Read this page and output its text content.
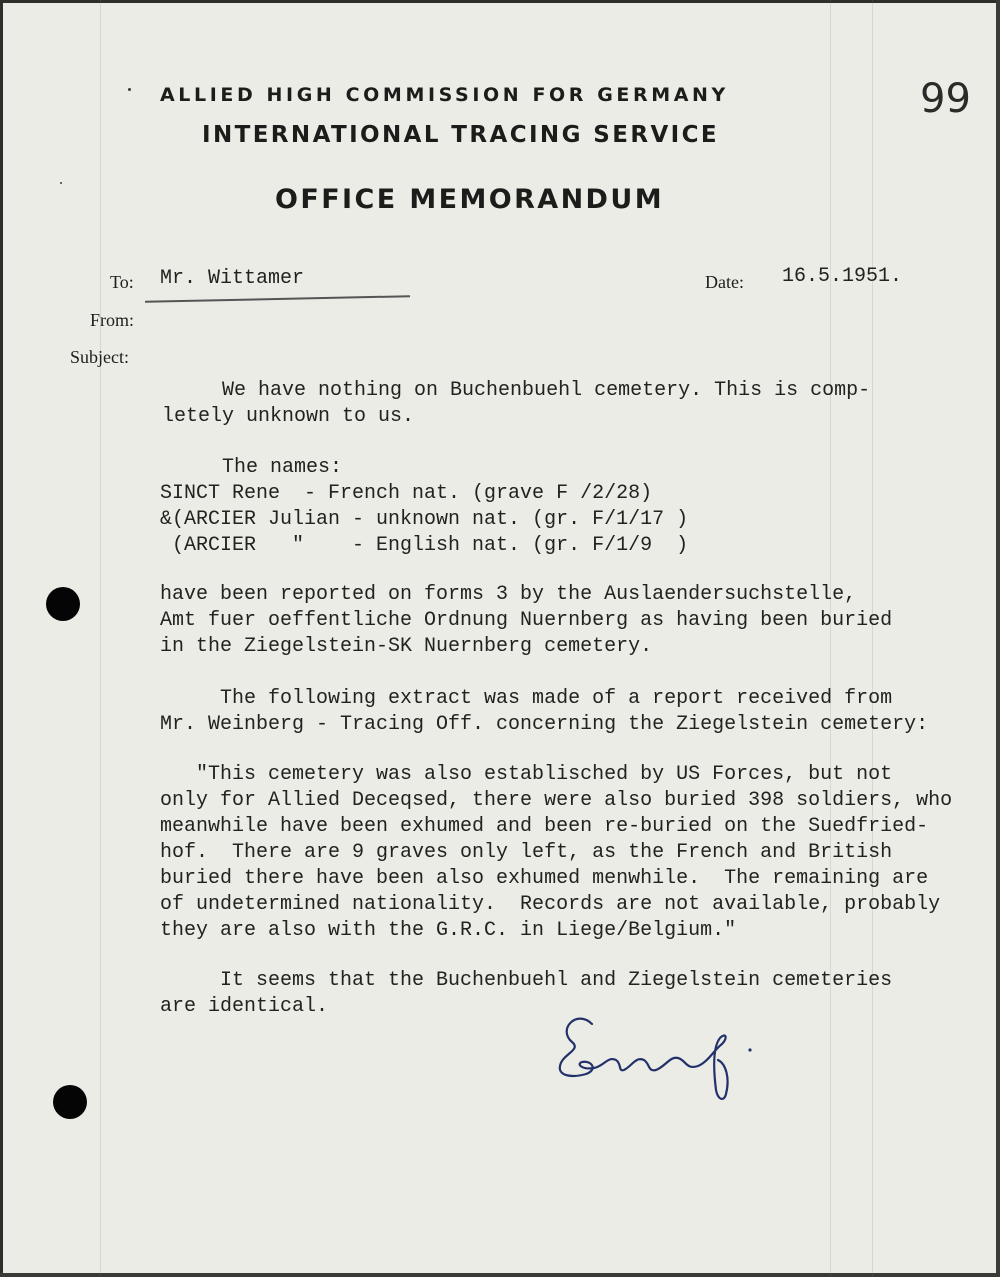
ALLIED HIGH COMMISSION FOR GERMANY
INTERNATIONAL TRACING SERVICE
OFFICE MEMORANDUM
99
To: Mr. Wittamer	Date: 16.5.1951.
From:
Subject:
We have nothing on Buchenbuehl cemetery. This is comp-
letely unknown to us.
The names:
SINCT Rene  - French nat. (grave F /2/28)
&(ARCIER Julian - unknown nat. (gr. F/1/17 )
(ARCIER   "    - English nat. (gr. F/1/9  )
have been reported on forms 3 by the Auslaendersuchstelle,
Amt fuer oeffentliche Ordnung Nuernberg as having been buried
in the Ziegelstein-SK Nuernberg cemetery.
The following extract was made of a report received from
Mr. Weinberg - Tracing Off. concerning the Ziegelstein cemetery:
"This cemetery was also establisched by US Forces, but not
only for Allied Deceqsed, there were also buried 398 soldiers, who
meanwhile have been exhumed and been re-buried on the Suedfried-
hof.  There are 9 graves only left, as the French and British
buried there have been also exhumed menwhile.  The remaining are
of undetermined nationality.  Records are not available, probably
they are also with the G.R.C. in Liege/Belgium."
It seems that the Buchenbuehl and Ziegelstein cemeteries
are identical.
